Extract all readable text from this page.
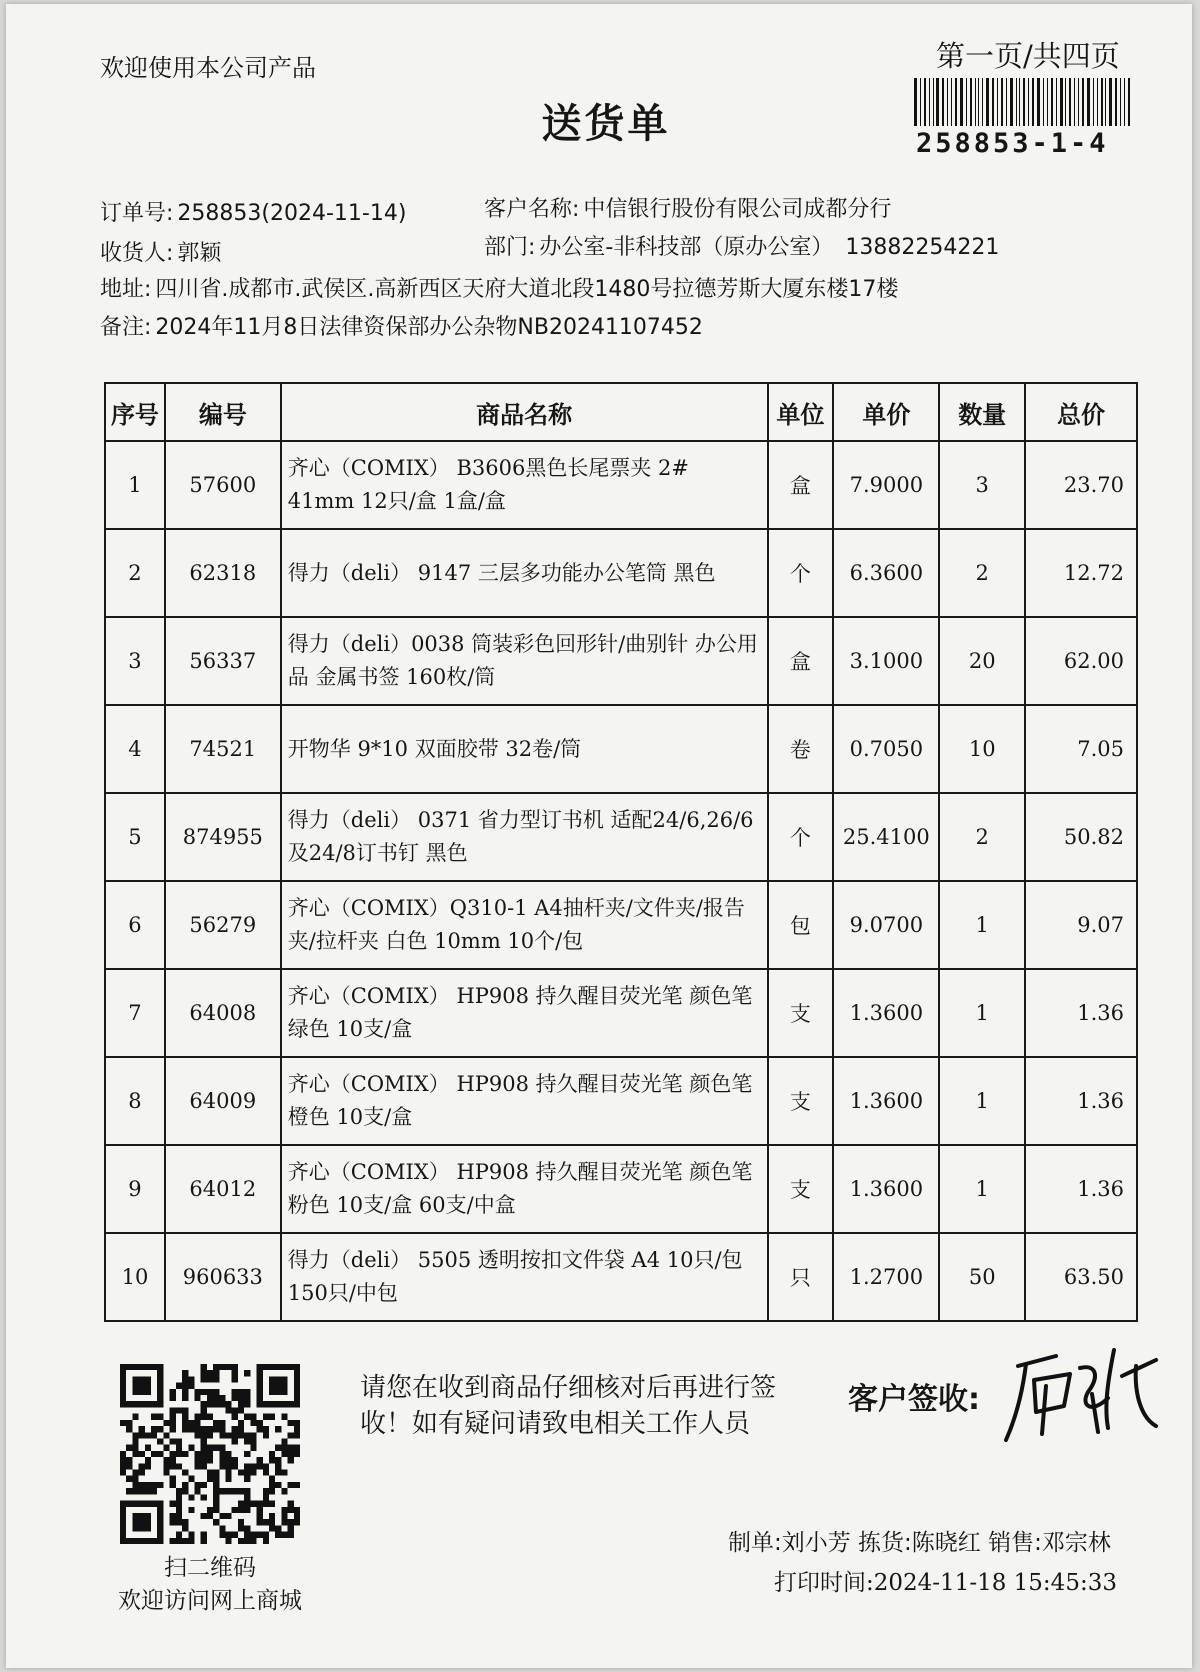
欢迎使用本公司产品	第一页/共四页
送货单	258853-1-4
订单号: 258853(2024-11-14)	客户名称: 中信银行股份有限公司成都分行
收货人: 郭颖	部门: 办公室-非科技部（原办公室） 13882254221
地址: 四川省.成都市.武侯区.高新西区天府大道北段1480号拉德芳斯大厦东楼17楼
备注: 2024年11月8日法律资保部办公杂物NB20241107452
序号	编号	商品名称	单位	单价	数量	总价
1	57600	齐心（COMIX） B3606黑色长尾票夹 2# 41mm 12只/盒 1盒/盒	盒	7.9000	3	23.70
2	62318	得力（deli） 9147 三层多功能办公笔筒 黑色	个	6.3600	2	12.72
3	56337	得力（deli）0038 筒装彩色回形针/曲别针 办公用品 金属书签 160枚/筒	盒	3.1000	20	62.00
4	74521	开物华 9*10 双面胶带 32卷/筒	卷	0.7050	10	7.05
5	874955	得力（deli） 0371 省力型订书机 适配24/6,26/6及24/8订书钉 黑色	个	25.4100	2	50.82
6	56279	齐心（COMIX）Q310-1 A4抽杆夹/文件夹/报告夹/拉杆夹 白色 10mm 10个/包	包	9.0700	1	9.07
7	64008	齐心（COMIX） HP908 持久醒目荧光笔 颜色笔 绿色 10支/盒	支	1.3600	1	1.36
8	64009	齐心（COMIX） HP908 持久醒目荧光笔 颜色笔 橙色 10支/盒	支	1.3600	1	1.36
9	64012	齐心（COMIX） HP908 持久醒目荧光笔 颜色笔 粉色 10支/盒 60支/中盒	支	1.3600	1	1.36
10	960633	得力（deli） 5505 透明按扣文件袋 A4 10只/包 150只/中包	只	1.2700	50	63.50
扫二维码
欢迎访问网上商城
请您在收到商品仔细核对后再进行签收！如有疑问请致电相关工作人员
客户签收:
制单:刘小芳 拣货:陈晓红 销售:邓宗林
打印时间:2024-11-18 15:45:33
